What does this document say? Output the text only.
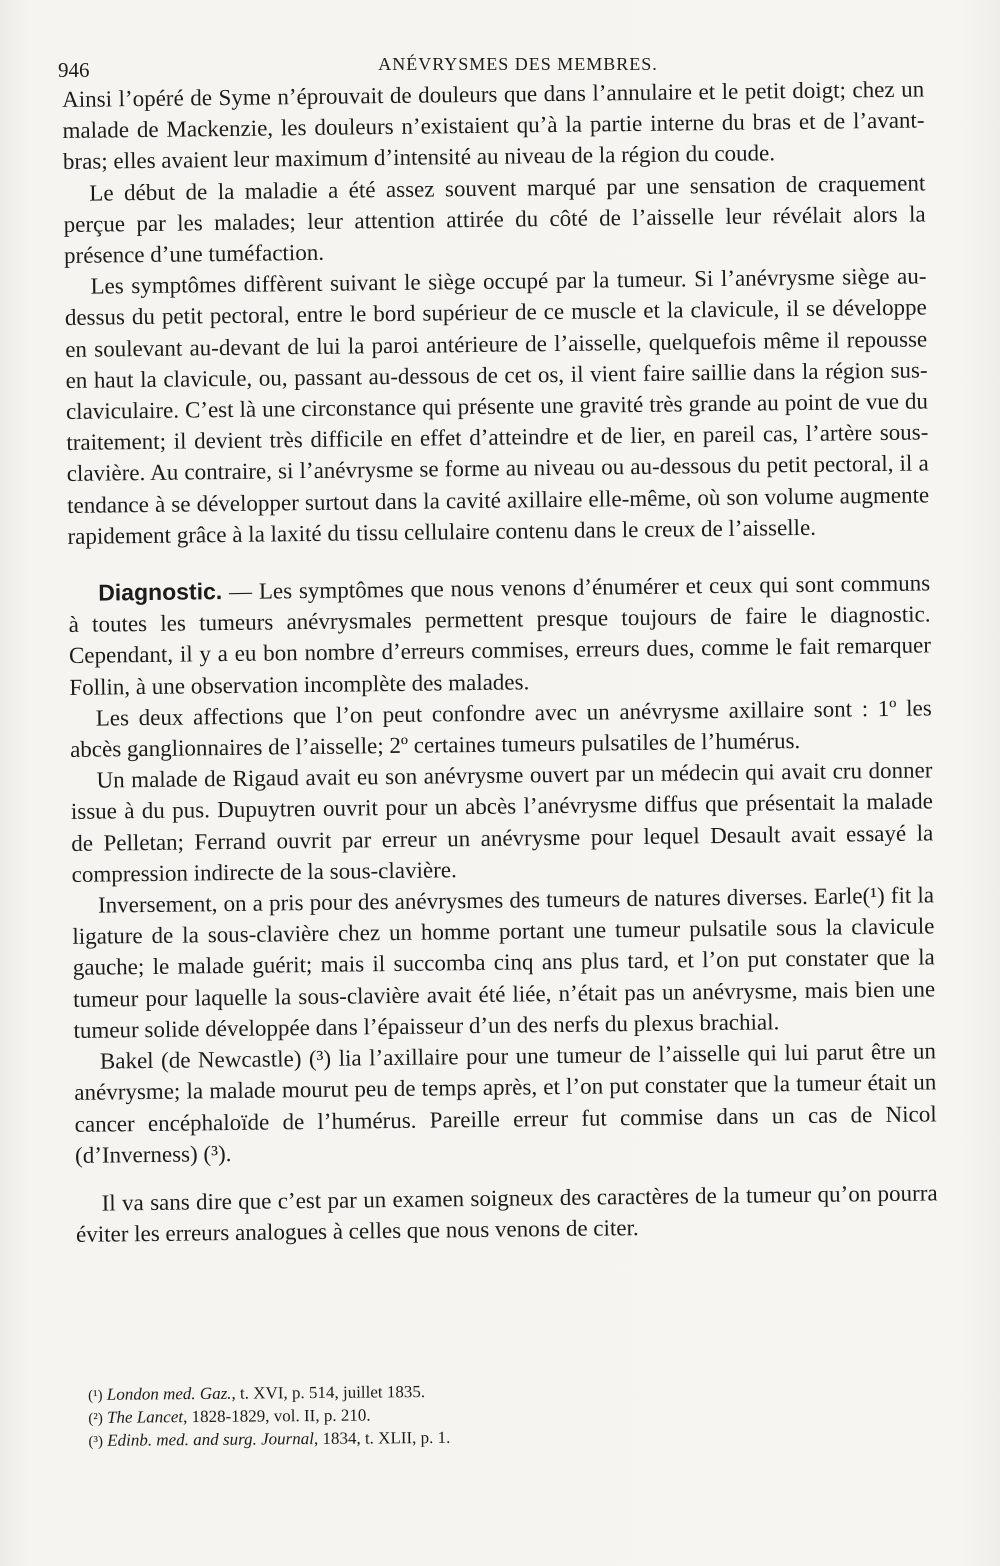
946	ANÉVRYSMES DES MEMBRES.

Ainsi l’opéré de Syme n’éprouvait de douleurs que dans l’annulaire et le petit doigt; chez un malade de Mackenzie, les douleurs n’existaient qu’à la partie interne du bras et de l’avant-bras; elles avaient leur maximum d’intensité au niveau de la région du coude.

Le début de la maladie a été assez souvent marqué par une sensation de craquement perçue par les malades; leur attention attirée du côté de l’aisselle leur révélait alors la présence d’une tuméfaction.

Les symptômes diffèrent suivant le siège occupé par la tumeur. Si l’anévrysme siège au-dessus du petit pectoral, entre le bord supérieur de ce muscle et la clavicule, il se développe en soulevant au-devant de lui la paroi antérieure de l’aisselle, quelquefois même il repousse en haut la clavicule, ou, passant au-dessous de cet os, il vient faire saillie dans la région sus-claviculaire. C’est là une circonstance qui présente une gravité très grande au point de vue du traitement; il devient très difficile en effet d’atteindre et de lier, en pareil cas, l’artère sous-clavière. Au contraire, si l’anévrysme se forme au niveau ou au-dessous du petit pectoral, il a tendance à se développer surtout dans la cavité axillaire elle-même, où son volume augmente rapidement grâce à la laxité du tissu cellulaire contenu dans le creux de l’aisselle.

Diagnostic. — Les symptômes que nous venons d’énumérer et ceux qui sont communs à toutes les tumeurs anévrysmales permettent presque toujours de faire le diagnostic. Cependant, il y a eu bon nombre d’erreurs commises, erreurs dues, comme le fait remarquer Follin, à une observation incomplète des malades.

Les deux affections que l’on peut confondre avec un anévrysme axillaire sont : 1º les abcès ganglionnaires de l’aisselle; 2º certaines tumeurs pulsatiles de l’humérus.

Un malade de Rigaud avait eu son anévrysme ouvert par un médecin qui avait cru donner issue à du pus. Dupuytren ouvrit pour un abcès l’anévrysme diffus que présentait la malade de Pelletan; Ferrand ouvrit par erreur un anévrysme pour lequel Desault avait essayé la compression indirecte de la sous-clavière.

Inversement, on a pris pour des anévrysmes des tumeurs de natures diverses. Earle(¹) fit la ligature de la sous-clavière chez un homme portant une tumeur pulsatile sous la clavicule gauche; le malade guérit; mais il succomba cinq ans plus tard, et l’on put constater que la tumeur pour laquelle la sous-clavière avait été liée, n’était pas un anévrysme, mais bien une tumeur solide développée dans l’épaisseur d’un des nerfs du plexus brachial.

Bakel (de Newcastle) (³) lia l’axillaire pour une tumeur de l’aisselle qui lui parut être un anévrysme; la malade mourut peu de temps après, et l’on put constater que la tumeur était un cancer encéphaloïde de l’humérus. Pareille erreur fut commise dans un cas de Nicol (d’Inverness) (³).

Il va sans dire que c’est par un examen soigneux des caractères de la tumeur qu’on pourra éviter les erreurs analogues à celles que nous venons de citer.

(¹) London med. Gaz., t. XVI, p. 514, juillet 1835.
(²) The Lancet, 1828-1829, vol. II, p. 210.
(³) Edinb. med. and surg. Journal, 1834, t. XLII, p. 1.
